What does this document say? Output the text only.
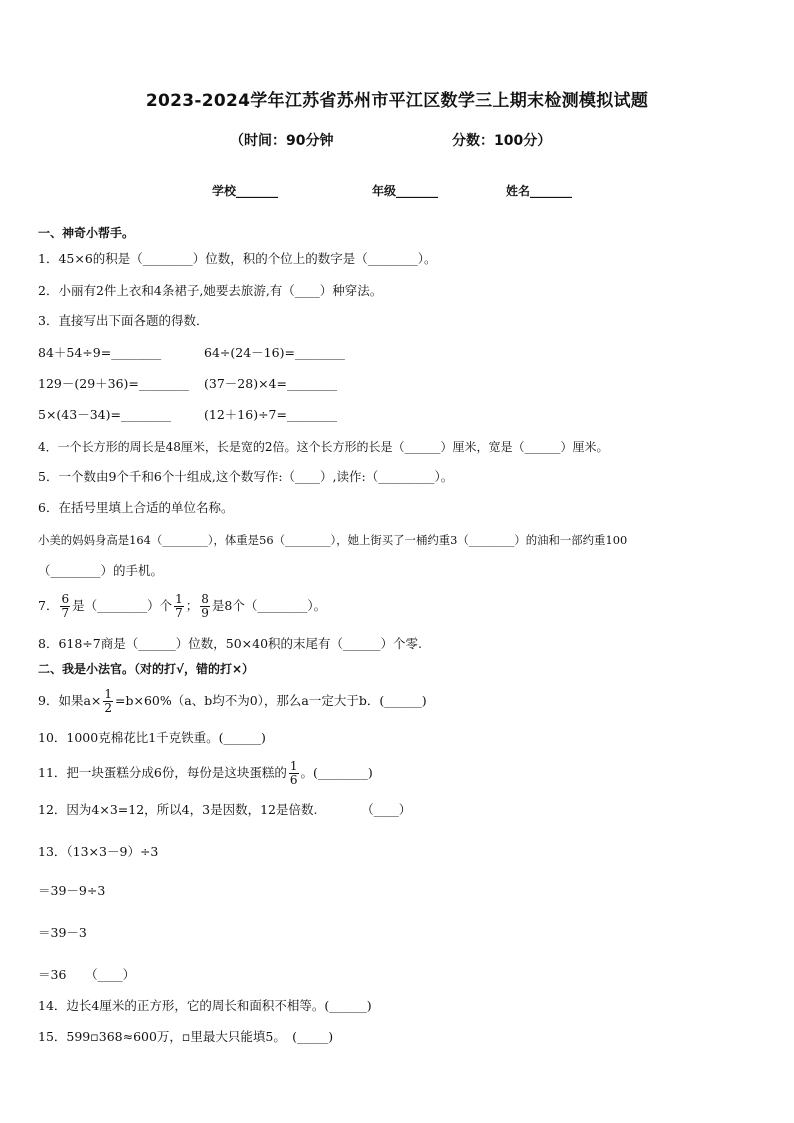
2023-2024学年江苏省苏州市平江区数学三上期末检测模拟试题
（时间：90分钟	分数：100分）
学校_______	年级_______	姓名_______
一、神奇小帮手。
1．45×6的积是（________）位数，积的个位上的数字是（________）。
2．小丽有2件上衣和4条裙子,她要去旅游,有（____）种穿法。
3．直接写出下面各题的得数．
84＋54÷9=________	64÷(24－16)=________
129－(29＋36)=________ (37－28)×4=________
5×(43－34)=________	(12＋16)÷7=________
4．一个长方形的周长是48厘米，长是宽的2倍。这个长方形的长是（______）厘米，宽是（______）厘米。
5．一个数由9个千和6个十组成,这个数写作:（____）,读作:（_________）。
6．在括号里填上合适的单位名称。
小美的妈妈身高是164（________），体重是56（________），她上街买了一桶约重3（________）的油和一部约重100
（________）的手机。
7． $\frac{6}{7}$ 是（________）个 $\frac{1}{7}$ ； $\frac{8}{9}$ 是8个（________）。
8．618÷7商是（______）位数，50×40积的末尾有（______）个零.
二、我是小法官。（对的打√，错的打×）
9．如果$a\times \frac{1}{2} =b\times 60\%(a$、b均不为0），那么a一定大于b．(______)
10．1000克棉花比1千克铁重。(______)
11．把一块蛋糕分成6份，每份是这块蛋糕的 $\frac{1}{6}$ 。(________)
12．因为4×3=12，所以4，3是因数，12是倍数.　　　　（____）
13．（13×3－9）÷3
＝39－9÷3
＝39－3
＝36　　（____）
14．边长4厘米的正方形，它的周长和面积不相等。(______)
15．599▫368≈600万，▫里最大只能填5。　(_____)
